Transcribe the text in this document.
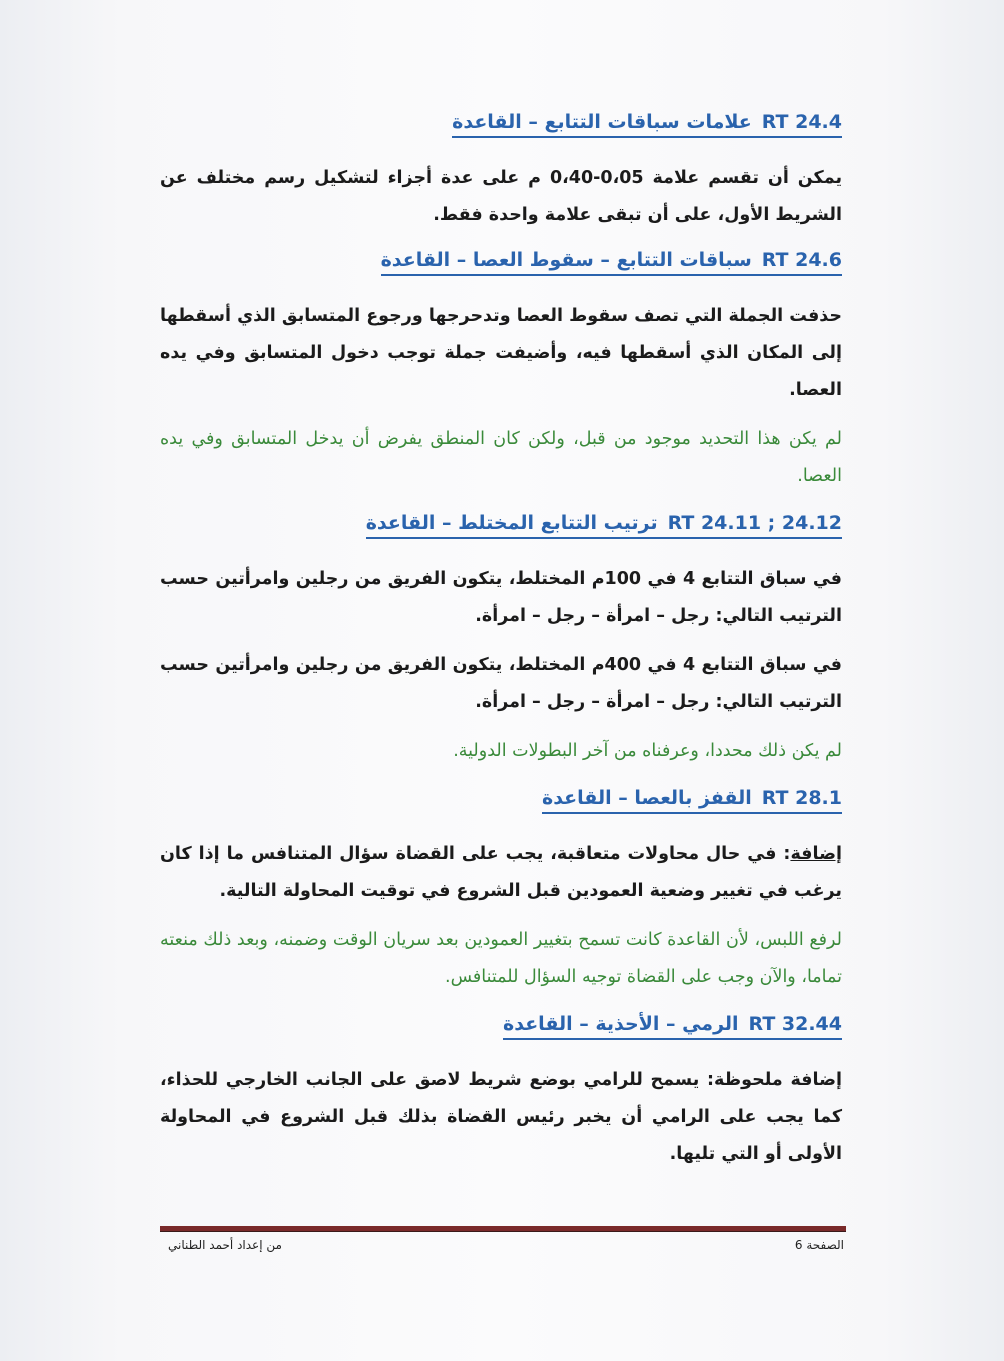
RT 24.4علامات سباقات التتابع – القاعدة

يمكن أن تقسم علامة 0،05-0،40 م على عدة أجزاء لتشكيل رسم مختلف عن الشريط الأول، على أن تبقى علامة واحدة فقط.

RT 24.6سباقات التتابع – سقوط العصا – القاعدة

حذفت الجملة التي تصف سقوط العصا وتدحرجها ورجوع المتسابق الذي أسقطها إلى المكان الذي أسقطها فيه، وأضيفت جملة توجب دخول المتسابق وفي يده العصا.

لم يكن هذا التحديد موجود من قبل، ولكن كان المنطق يفرض أن يدخل المتسابق وفي يده العصا.

RT 24.11 ; 24.12ترتيب التتابع المختلط – القاعدة

في سباق التتابع 4 في 100م المختلط، يتكون الفريق من رجلين وامرأتين حسب الترتيب التالي: رجل – امرأة – رجل – امرأة.

في سباق التتابع 4 في 400م المختلط، يتكون الفريق من رجلين وامرأتين حسب الترتيب التالي: رجل – امرأة – رجل – امرأة.

لم يكن ذلك محددا، وعرفناه من آخر البطولات الدولية.

RT 28.1القفز بالعصا – القاعدة

إضافة: في حال محاولات متعاقبة، يجب على القضاة سؤال المتنافس ما إذا كان يرغب في تغيير وضعية العمودين قبل الشروع في توقيت المحاولة التالية.

لرفع اللبس، لأن القاعدة كانت تسمح بتغيير العمودين بعد سريان الوقت وضمنه، وبعد ذلك منعته تماما، والآن وجب على القضاة توجيه السؤال للمتنافس.

RT 32.44الرمي – الأحذية – القاعدة

إضافة ملحوظة: يسمح للرامي بوضع شريط لاصق على الجانب الخارجي للحذاء، كما يجب على الرامي أن يخبر رئيس القضاة بذلك قبل الشروع في المحاولة الأولى أو التي تليها.

الصفحة 6
من إعداد أحمد الطناني
